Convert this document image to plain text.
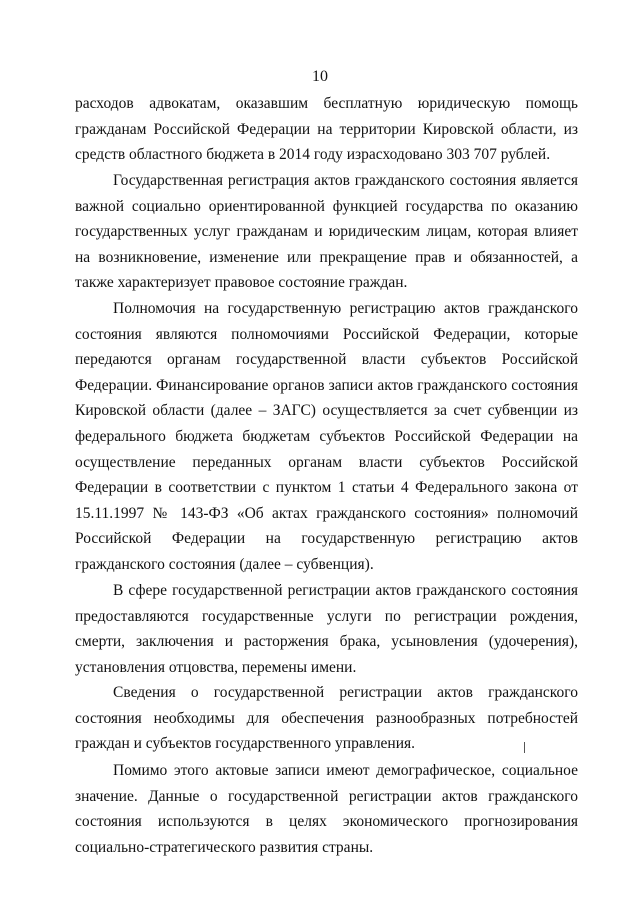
10

расходов адвокатам, оказавшим бесплатную юридическую помощь гражданам Российской Федерации на территории Кировской области, из средств областного бюджета в 2014 году израсходовано 303 707 рублей.

Государственная регистрация актов гражданского состояния является важной социально ориентированной функцией государства по оказанию государственных услуг гражданам и юридическим лицам, которая влияет на возникновение, изменение или прекращение прав и обязанностей, а также характеризует правовое состояние граждан.

Полномочия на государственную регистрацию актов гражданского состояния являются полномочиями Российской Федерации, которые передаются органам государственной власти субъектов Российской Федерации. Финансирование органов записи актов гражданского состояния Кировской области (далее – ЗАГС) осуществляется за счет субвенции из федерального бюджета бюджетам субъектов Российской Федерации на осуществление переданных органам власти субъектов Российской Федерации в соответствии с пунктом 1 статьи 4 Федерального закона от 15.11.1997 № 143-ФЗ «Об актах гражданского состояния» полномочий Российской Федерации на государственную регистрацию актов гражданского состояния (далее – субвенция).

В сфере государственной регистрации актов гражданского состояния предоставляются государственные услуги по регистрации рождения, смерти, заключения и расторжения брака, усыновления (удочерения), установления отцовства, перемены имени.

Сведения о государственной регистрации актов гражданского состояния необходимы для обеспечения разнообразных потребностей граждан и субъектов государственного управления.

Помимо этого актовые записи имеют демографическое, социальное значение. Данные о государственной регистрации актов гражданского состояния используются в целях экономического прогнозирования социально-стратегического развития страны.
